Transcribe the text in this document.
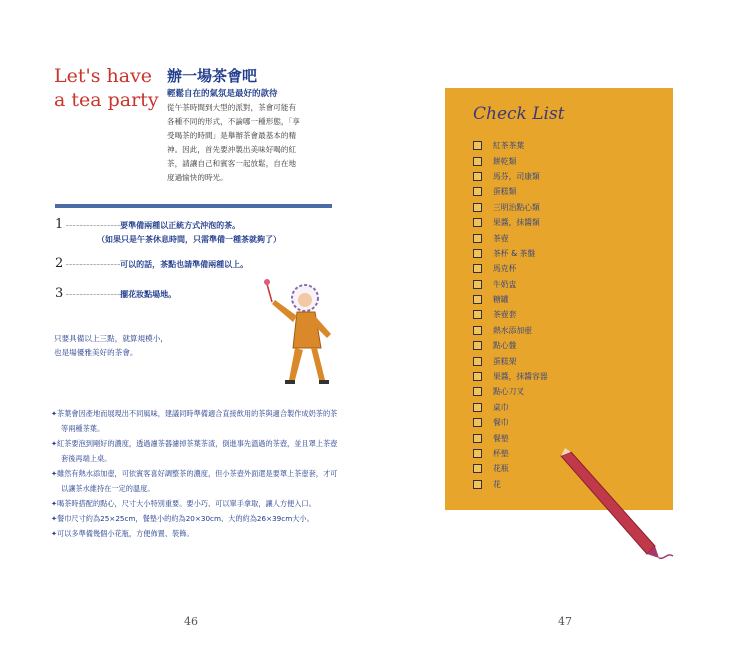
Let's have a tea party
辦一場茶會吧
輕鬆自在的氣氛是最好的款待
從午茶時間到大型的派對，茶會可能有
各種不同的形式，不論哪一種形態，「享
受喝茶的時間」是舉辦茶會最基本的精
神。因此，首先要沖製出美味好喝的紅
茶，請讓自己和賓客一起放鬆，自在地
度過愉快的時光。
1 ·······································要準備兩種以正統方式沖泡的茶。
（如果只是午茶休息時間，只需準備一種茶就夠了）
2 ·······································可以的話，茶點也請準備兩種以上。
3 ·······································擺花妝點場地。
只要具備以上三點，就算規模小，
也是場優雅美好的茶會。
✦茶葉會因產地而展現出不同風味，建議同時準備適合直接飲用的茶與適合製作成奶茶的茶等兩種茶葉。
✦紅茶要泡到剛好的濃度，透過濾茶器濾掉茶葉茶渣，倒進事先溫過的茶壺，並且罩上茶壺套後再端上桌。
✦雖然有熱水添加壺，可依賓客喜好調整茶的濃度，但小茶壺外面還是要罩上茶壺套，才可以讓茶水維持在一定的溫度。
✦喝茶時搭配的點心，尺寸大小特別重要。要小巧、可以單手拿取，讓人方便入口。
✦餐巾尺寸約為25×25cm，餐墊小的約為20×30cm、大的約為26×39cm大小。
✦可以多準備幾個小花瓶，方便佈置、裝飾。
46
Check List
紅茶茶葉
餅乾類
馬芬，司康類
蛋糕類
三明治點心類
果醬，抹醬類
茶壺
茶杯 & 茶盤
馬克杯
牛奶盅
糖罐
茶壺套
熱水添加壺
點心盤
蛋糕架
果醬，抹醬容器
點心刀叉
桌巾
餐巾
餐墊
杯墊
花瓶
花
47
